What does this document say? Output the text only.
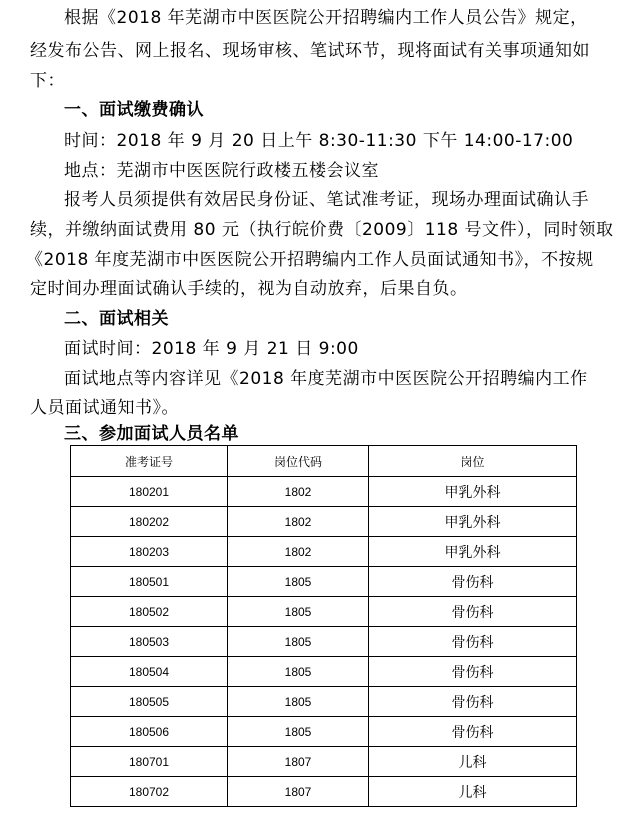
根据《2018 年芜湖市中医医院公开招聘编内工作人员公告》规定，
经发布公告、网上报名、现场审核、笔试环节，现将面试有关事项通知如
下：
一、面试缴费确认
时间：2018 年 9 月 20 日上午 8:30-11:30 下午 14:00-17:00
地点：芜湖市中医医院行政楼五楼会议室
报考人员须提供有效居民身份证、笔试准考证，现场办理面试确认手
续，并缴纳面试费用 80 元（执行皖价费〔2009〕118 号文件），同时领取
《2018 年度芜湖市中医医院公开招聘编内工作人员面试通知书》，不按规
定时间办理面试确认手续的，视为自动放弃，后果自负。
二、面试相关
面试时间：2018 年 9 月 21 日 9:00
面试地点等内容详见《2018 年度芜湖市中医医院公开招聘编内工作
人员面试通知书》。
三、参加面试人员名单
准考证号	岗位代码	岗位
180201	1802	甲乳外科
180202	1802	甲乳外科
180203	1802	甲乳外科
180501	1805	骨伤科
180502	1805	骨伤科
180503	1805	骨伤科
180504	1805	骨伤科
180505	1805	骨伤科
180506	1805	骨伤科
180701	1807	儿科
180702	1807	儿科
